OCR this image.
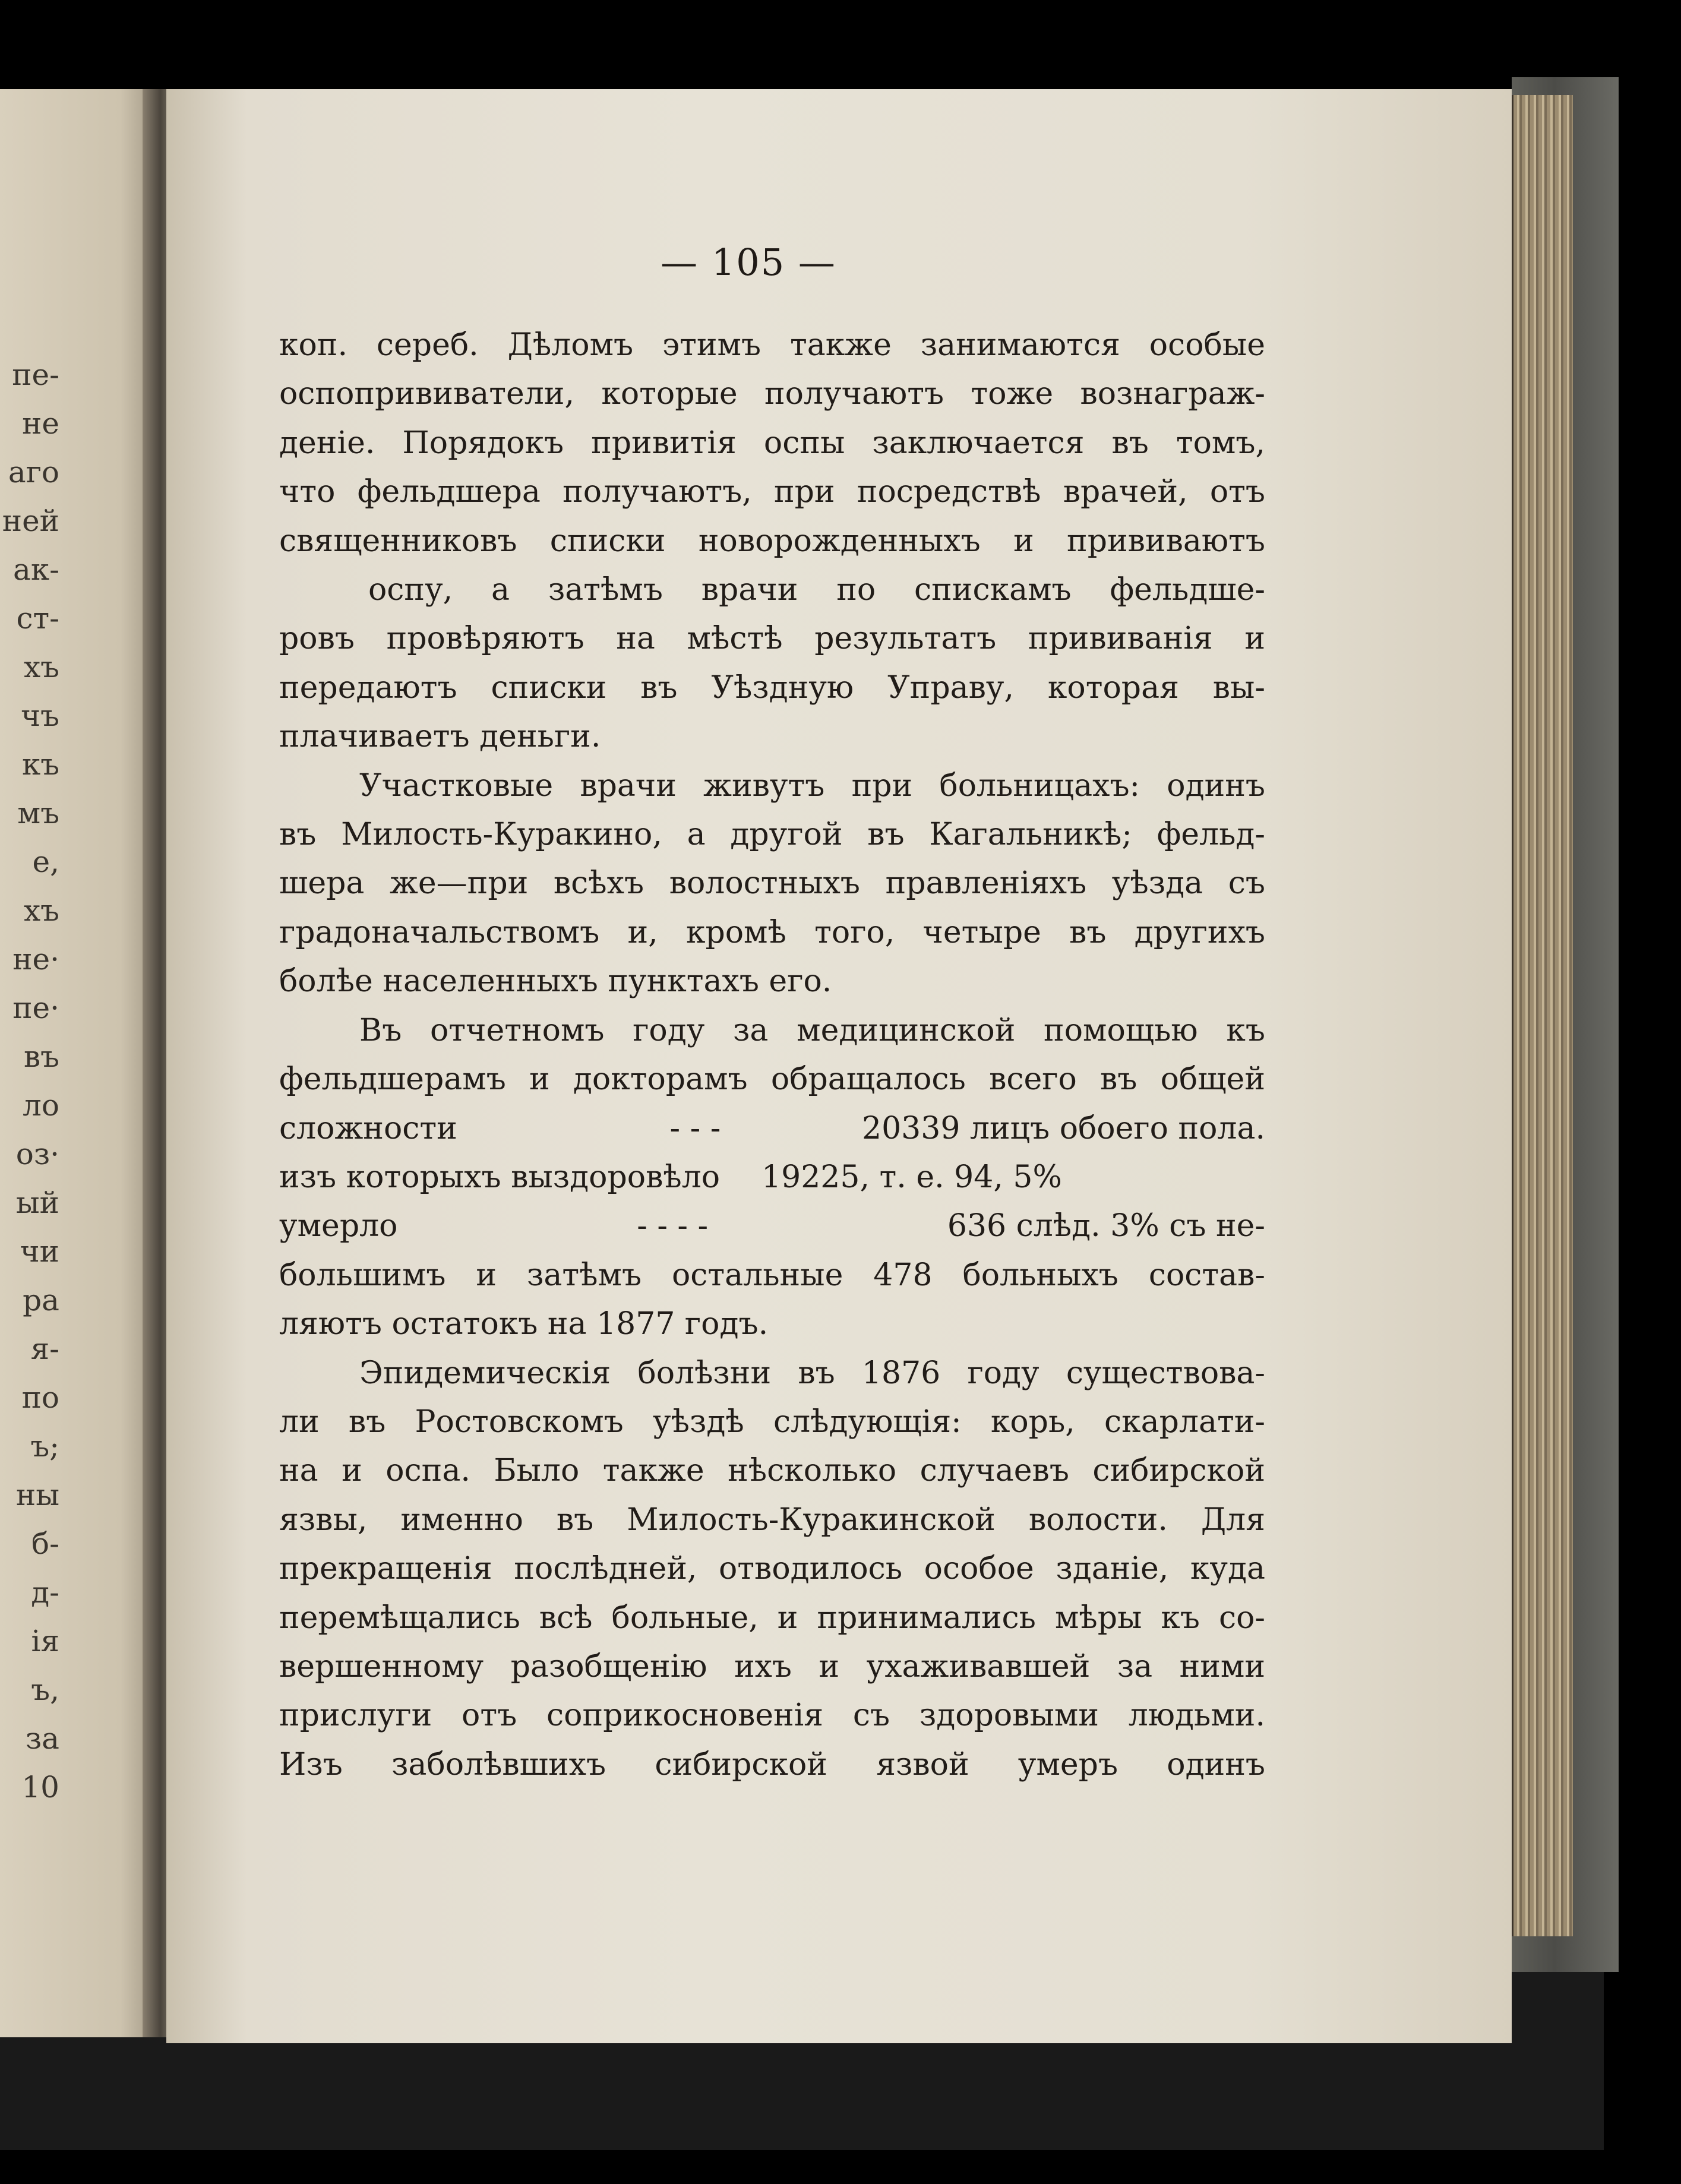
пе-
не
аго
ней
ак-
ст-
хъ
чъ
къ
мъ
е,
хъ
не·
пе·
въ
ло
оз·
ый
чи
ра
я-
по
ъ;
ны
б-
д-
ія
ъ,
за
10
— 105 —
коп. сереб. Дѣломъ этимъ также занимаются особые
оспопрививатели, которые получаютъ тоже вознаграж-
деніе. Порядокъ привитія оспы заключается въ томъ,
что фельдшера получаютъ, при посредствѣ врачей, отъ
священниковъ списки новорожденныхъ и прививаютъ
оспу, а затѣмъ врачи по спискамъ фельдше-
ровъ провѣряютъ на мѣстѣ результатъ прививанія и
передаютъ списки въ Уѣздную Управу, которая вы-
плачиваетъ деньги.
Участковые врачи живутъ при больницахъ: одинъ
въ Милость-Куракино, а другой въ Кагальникѣ; фельд-
шера же—при всѣхъ волостныхъ правленіяхъ уѣзда съ
градоначальствомъ и, кромѣ того, четыре въ другихъ
болѣе населенныхъ пунктахъ его.
Въ отчетномъ году за медицинской помощью къ
фельдшерамъ и докторамъ обращалось всего въ общей
сложности	- - -	20339 лицъ обоего пола.
изъ которыхъ выздоровѣло	19225, т. е. 94, 5%
умерло	- - - -	636 слѣд. 3% съ не-
большимъ и затѣмъ остальные 478 больныхъ состав-
ляютъ остатокъ на 1877 годъ.
Эпидемическія болѣзни въ 1876 году существова-
ли въ Ростовскомъ уѣздѣ слѣдующія: корь, скарлати-
на и оспа. Было также нѣсколько случаевъ сибирской
язвы, именно въ Милость-Куракинской волости. Для
прекращенія послѣдней, отводилось особое зданіе, куда
перемѣщались всѣ больные, и принимались мѣры къ со-
вершенному разобщенію ихъ и ухаживавшей за ними
прислуги отъ соприкосновенія съ здоровыми людьми.
Изъ заболѣвшихъ сибирской язвой умеръ одинъ
